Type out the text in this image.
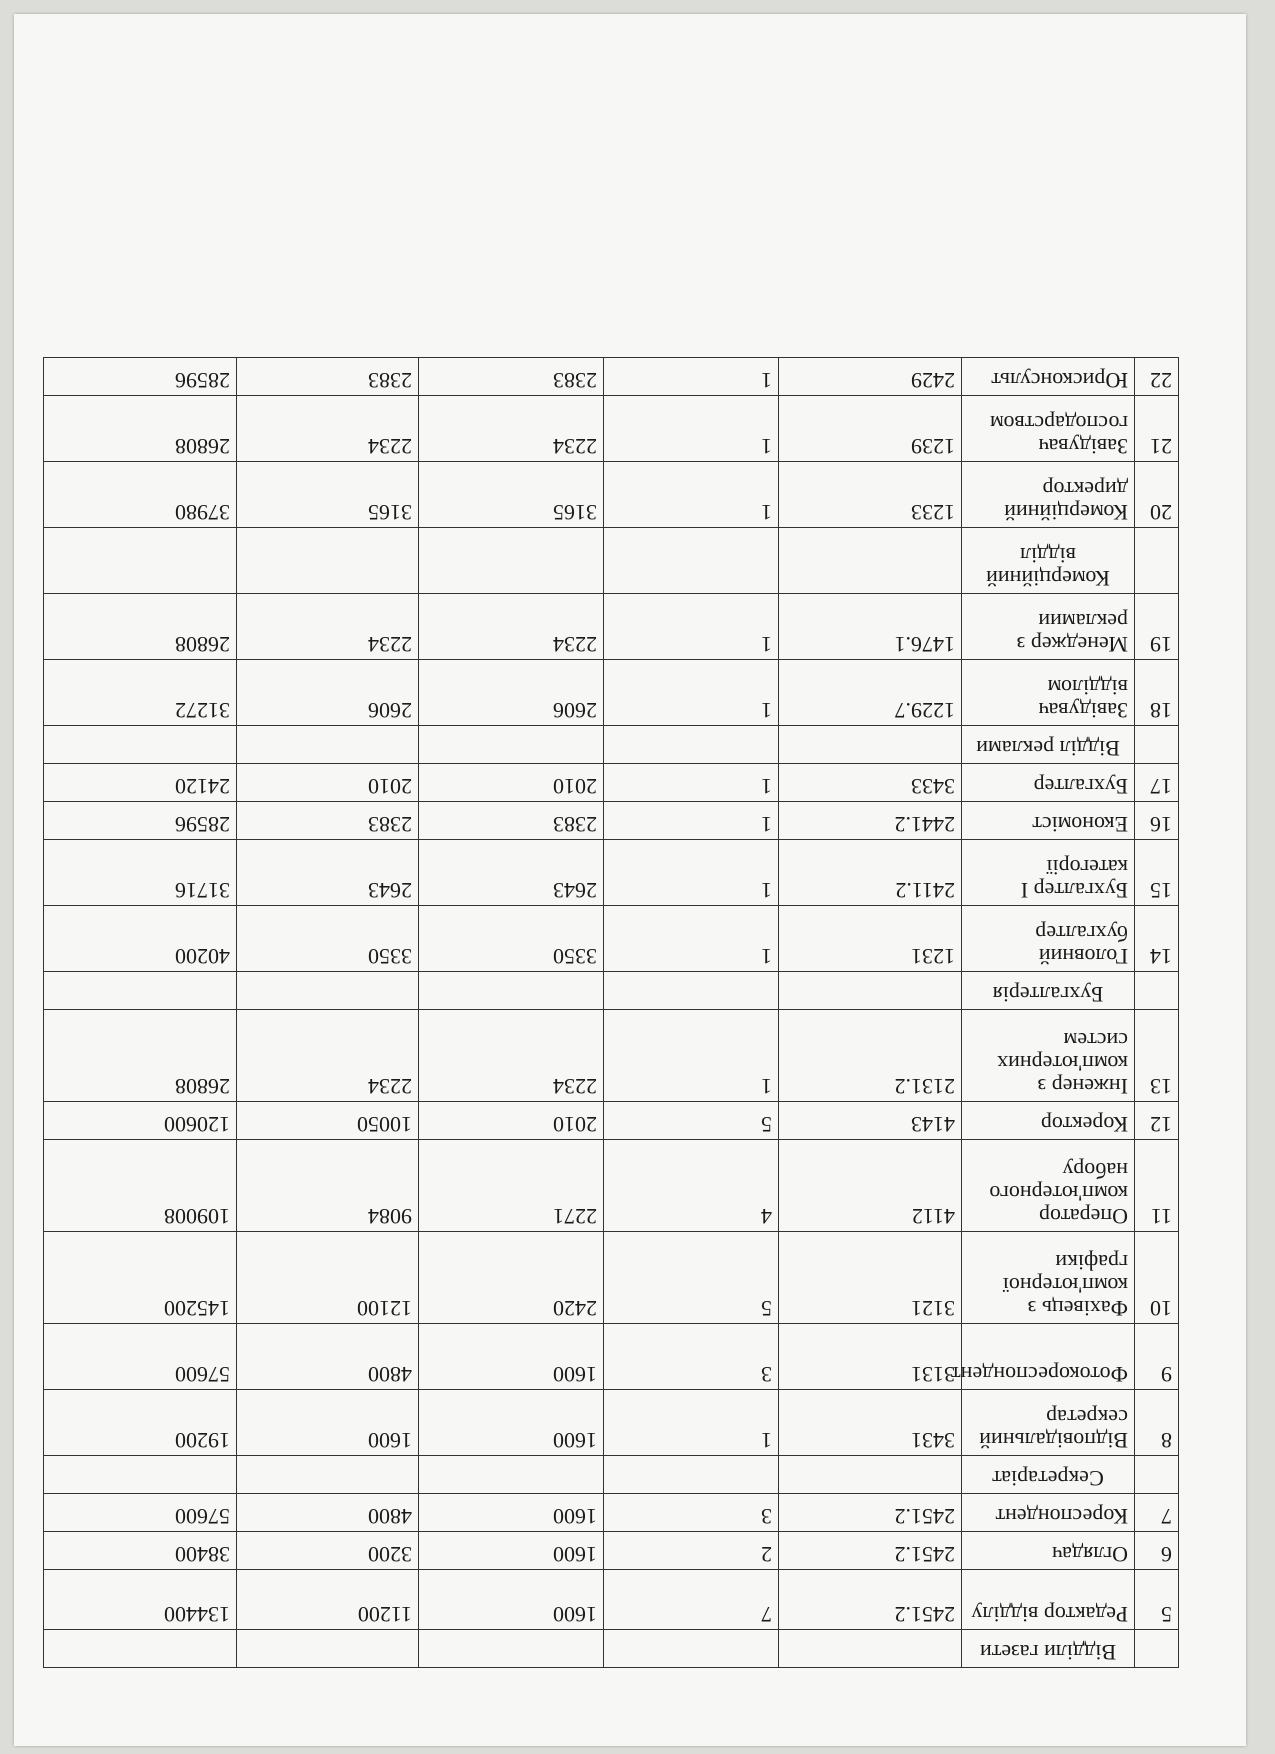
	Відділи газети					
5	Редактор відділу	2451.2	7	1600	11200	134400
6	Оглядач	2451.2	2	1600	3200	38400
7	Кореспондент	2451.2	3	1600	4800	57600
	Секретаріат					
8	Відповідальний секретар	3431	1	1600	1600	19200
9	Фотокореспондент	3131	3	1600	4800	57600
10	Фахівець з комп'ютерної графіки	3121	5	2420	12100	145200
11	Оператор комп'ютерного набору	4112	4	2271	9084	109008
12	Коректор	4143	5	2010	10050	120600
13	Інженер з комп'ютерних систем	2131.2	1	2234	2234	26808
	Бухгалтерія					
14	Головний бухгалтер	1231	1	3350	3350	40200
15	Бухгалтер І категорії	2411.2	1	2643	2643	31716
16	Економіст	2441.2	1	2383	2383	28596
17	Бухгалтер	3433	1	2010	2010	24120
	Відділ реклами					
18	Завідувач відділом	1229.7	1	2606	2606	31272
19	Менеджер з рекламии	1476.1	1	2234	2234	26808
	Комерційний відділ					
20	Комерційний директор	1233	1	3165	3165	37980
21	Завідувач господарством	1239	1	2234	2234	26808
22	Юрисконсульт	2429	1	2383	2383	28596
